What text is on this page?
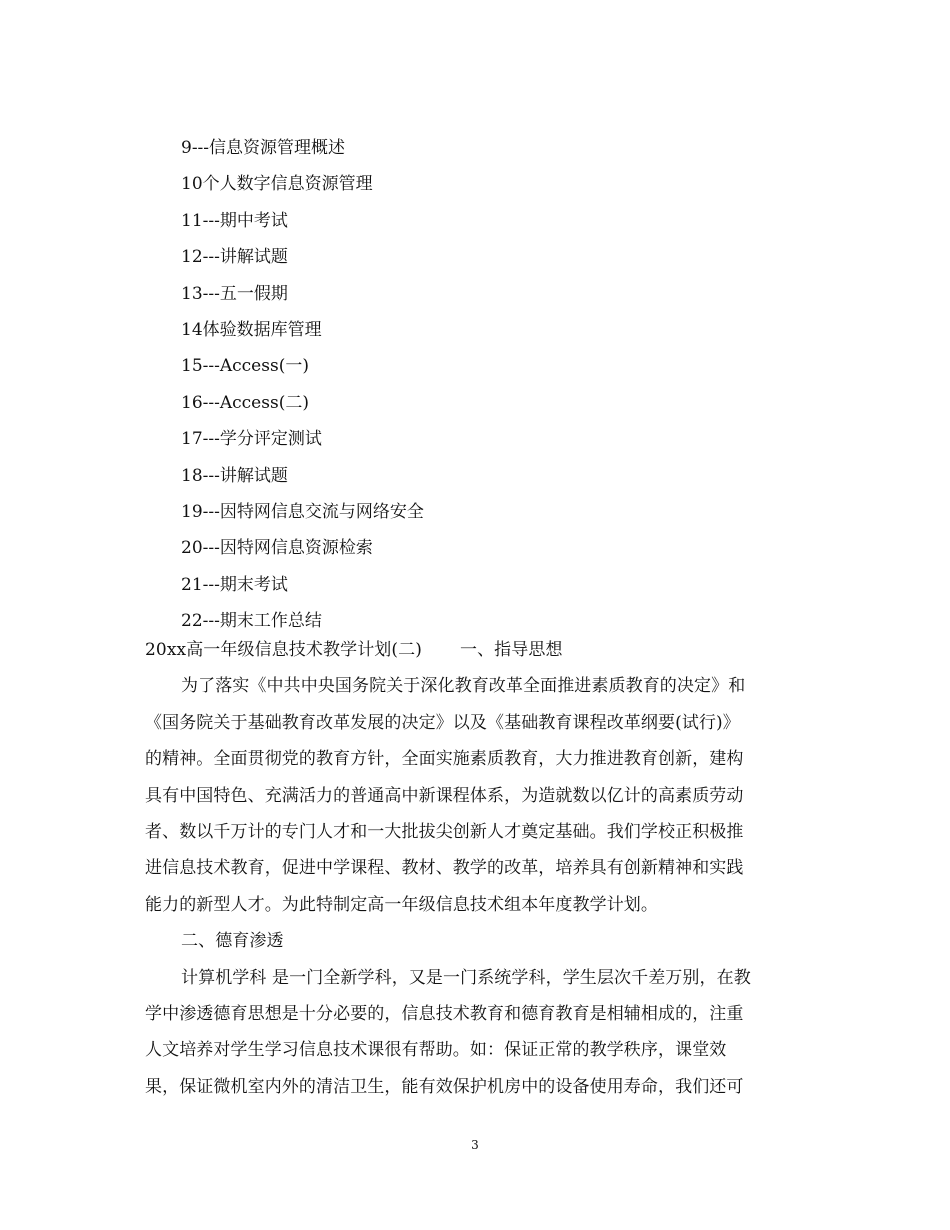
9---信息资源管理概述
10个人数字信息资源管理
11---期中考试
12---讲解试题
13---五一假期
14体验数据库管理
15---Access(一)
16---Access(二)
17---学分评定测试
18---讲解试题
19---因特网信息交流与网络安全
20---因特网信息资源检索
21---期末考试
22---期末工作总结
20xx高一年级信息技术教学计划(二) 一、指导思想
为了落实《中共中央国务院关于深化教育改革全面推进素质教育的决定》和
《国务院关于基础教育改革发展的决定》以及《基础教育课程改革纲要(试行)》
的精神。全面贯彻党的教育方针，全面实施素质教育，大力推进教育创新，建构
具有中国特色、充满活力的普通高中新课程体系，为造就数以亿计的高素质劳动
者、数以千万计的专门人才和一大批拔尖创新人才奠定基础。我们学校正积极推
进信息技术教育，促进中学课程、教材、教学的改革，培养具有创新精神和实践
能力的新型人才。为此特制定高一年级信息技术组本年度教学计划。
二、德育渗透
计算机学科 是一门全新学科，又是一门系统学科，学生层次千差万别，在教
学中渗透德育思想是十分必要的，信息技术教育和德育教育是相辅相成的，注重
人文培养对学生学习信息技术课很有帮助。如：保证正常的教学秩序，课堂效
果，保证微机室内外的清洁卫生，能有效保护机房中的设备使用寿命，我们还可
3
